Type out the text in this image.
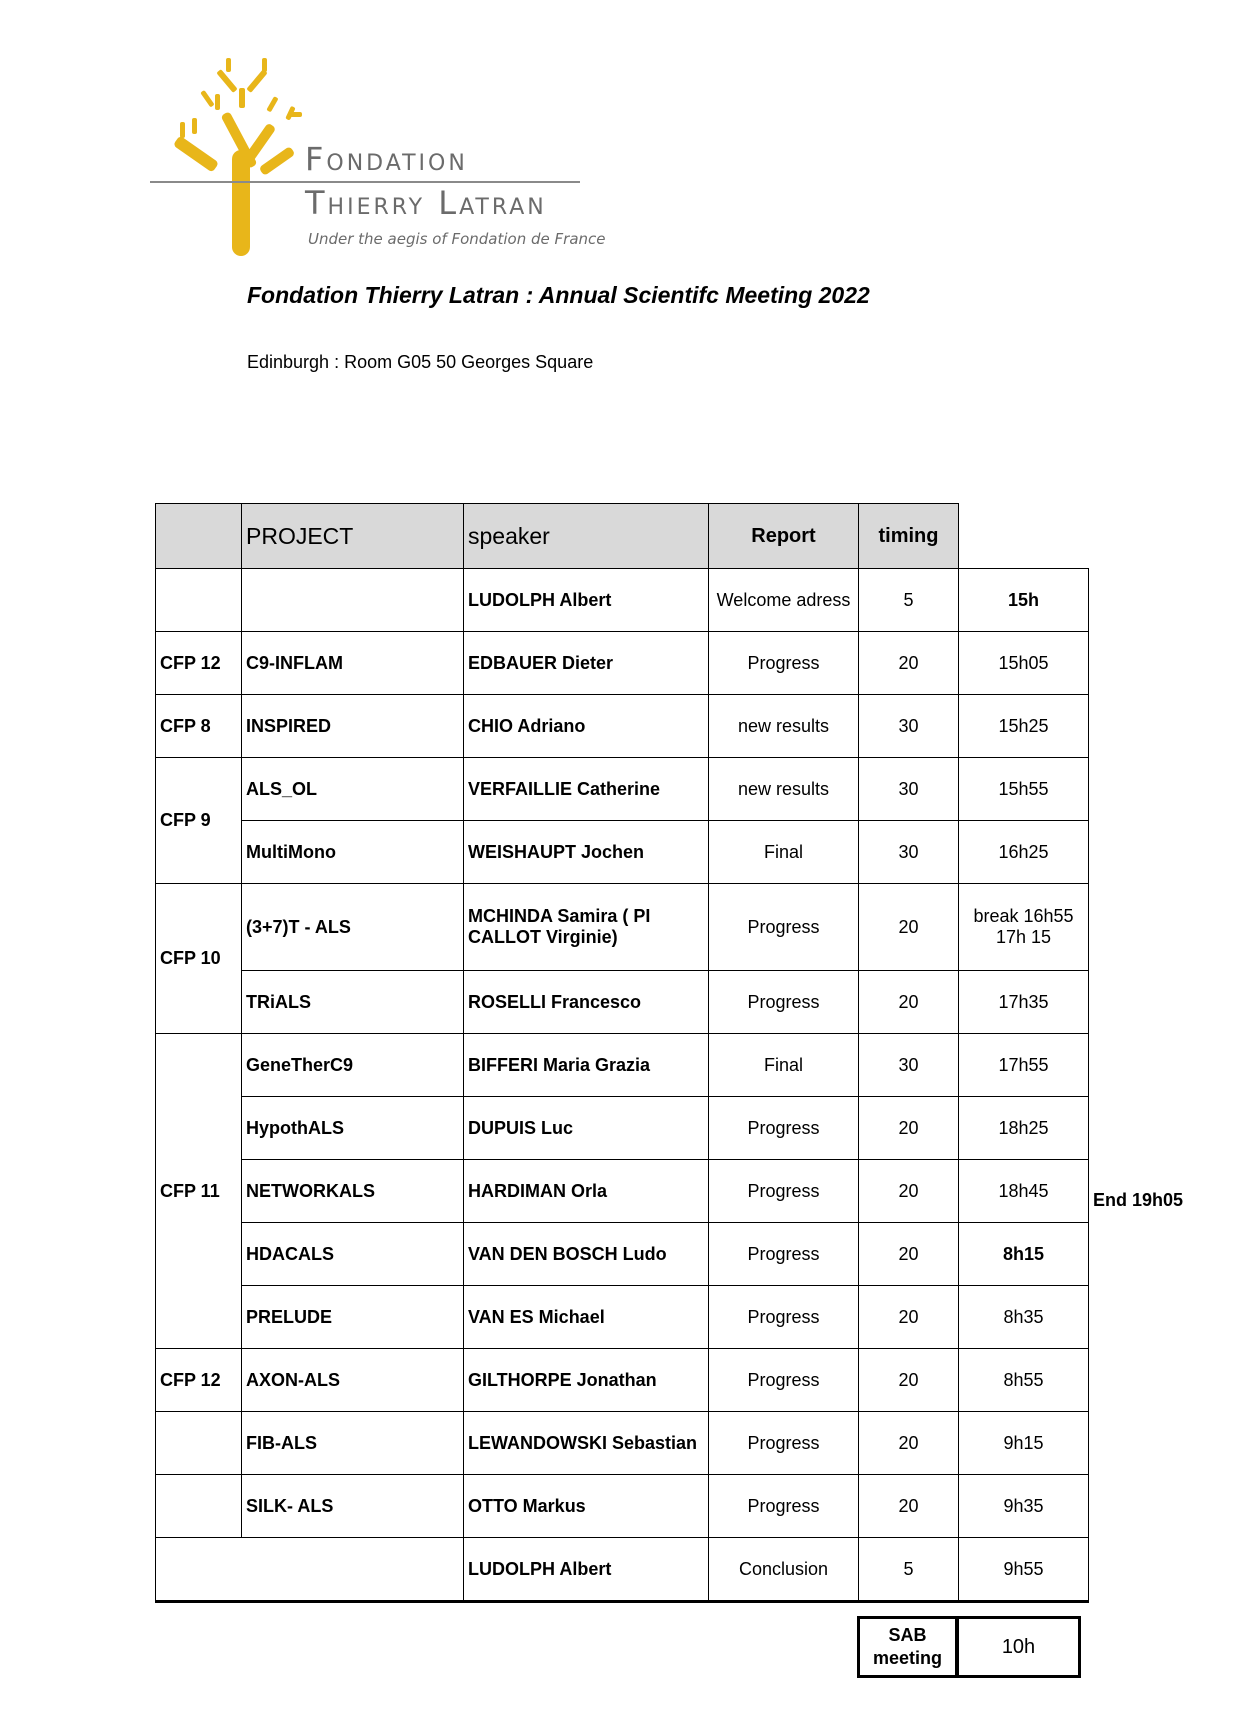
Fondation
Thierry Latran
Under the aegis of Fondation de France
Fondation Thierry Latran : Annual Scientifc Meeting 2022
Edinburgh : Room G05 50 Georges Square
	PROJECT	speaker	Report	timing	
		LUDOLPH Albert	Welcome adress	5	15h
CFP 12	C9-INFLAM	EDBAUER Dieter	Progress	20	15h05
CFP 8	INSPIRED	CHIO Adriano	new results	30	15h25
CFP 9	ALS_OL	VERFAILLIE Catherine	new results	30	15h55
	MultiMono	WEISHAUPT Jochen	Final	30	16h25
CFP 10	(3+7)T - ALS	MCHINDA Samira ( PI CALLOT Virginie)	Progress	20	break 16h55 17h 15
	TRiALS	ROSELLI Francesco	Progress	20	17h35
CFP 11	GeneTherC9	BIFFERI Maria Grazia	Final	30	17h55
	HypothALS	DUPUIS Luc	Progress	20	18h25
	NETWORKALS	HARDIMAN Orla	Progress	20	18h45
	HDACALS	VAN DEN BOSCH Ludo	Progress	20	8h15
	PRELUDE	VAN ES Michael	Progress	20	8h35
CFP 12	AXON-ALS	GILTHORPE Jonathan	Progress	20	8h55
	FIB-ALS	LEWANDOWSKI Sebastian	Progress	20	9h15
	SILK- ALS	OTTO Markus	Progress	20	9h35
		LUDOLPH Albert	Conclusion	5	9h55
End 19h05
SAB meeting
10h
